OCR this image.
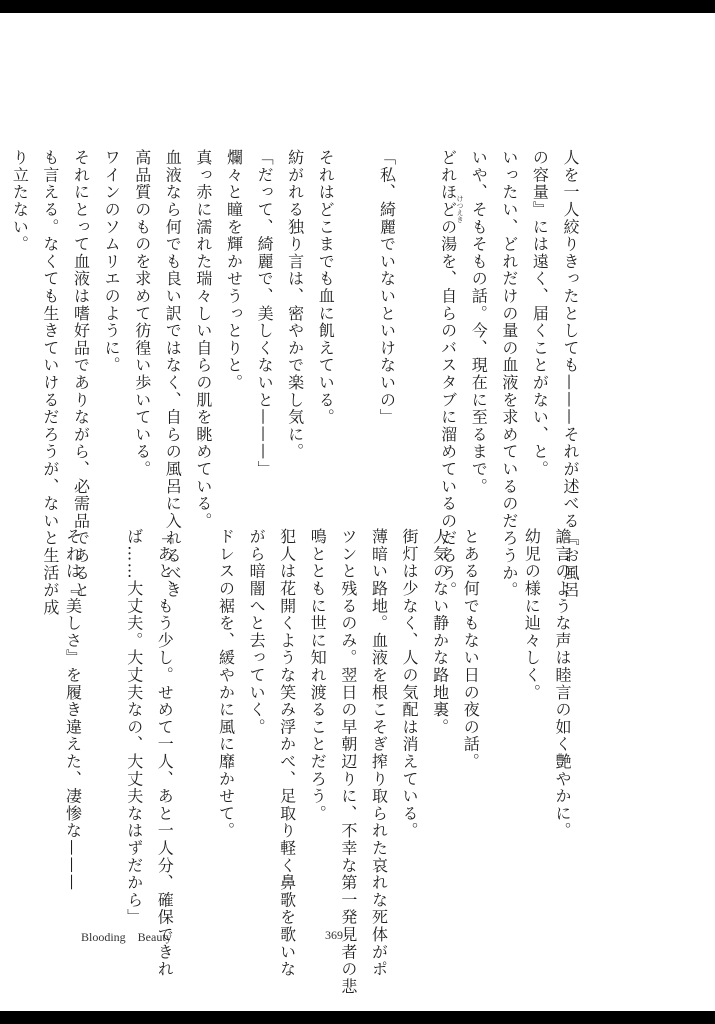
人を一人絞りきったとしても———それが述べる『お風呂
の容量』には遠く、届くことがない、と。
いったい、どれだけの量の血液を求めているのだろうか。
いや、そもそもの話。今、現在に至るまで。
どれほどの湯を、自らのバスタブに溜めているのだろう。
「私、綺麗でいないといけないの」
それはどこまでも血に飢えている。
紡がれる独り言は、密やかで楽し気に。
「だって、綺麗で、美しくないと———」
爛々と瞳を輝かせうっとりと。
真っ赤に濡れた瑞々しい自らの肌を眺めている。
血液なら何でも良い訳ではなく、自らの風呂に入れるべき
高品質のものを求めて彷徨い歩いている。
ワインのソムリエのように。
それにとって血液は嗜好品でありながら、必需品であると
も言える。なくても生きていけるだろうが、ないと生活が成
り立たない。
譫言のような声は睦言の如く艶やかに。
幼児の様に辿々しく。
とある何でもない日の夜の話。
人気のない静かな路地裏。
街灯は少なく、人の気配は消えている。
薄暗い路地。血液を根こそぎ搾り取られた哀れな死体がポ
ツンと残るのみ。翌日の早朝辺りに、不幸な第一発見者の悲
鳴とともに世に知れ渡ることだろう。
犯人は花開くような笑み浮かべ、足取り軽く鼻歌を歌いな
がら暗闇へと去っていく。
ドレスの裾を、緩やかに風に靡かせて。
「あと、もう少し。せめて一人、あと一人分、確保できれ
ば……大丈夫。大丈夫なの、大丈夫なはずだから」
それは『美しさ』を履き違えた、凄惨な———
けつえき
Blooding　Beauty	369
